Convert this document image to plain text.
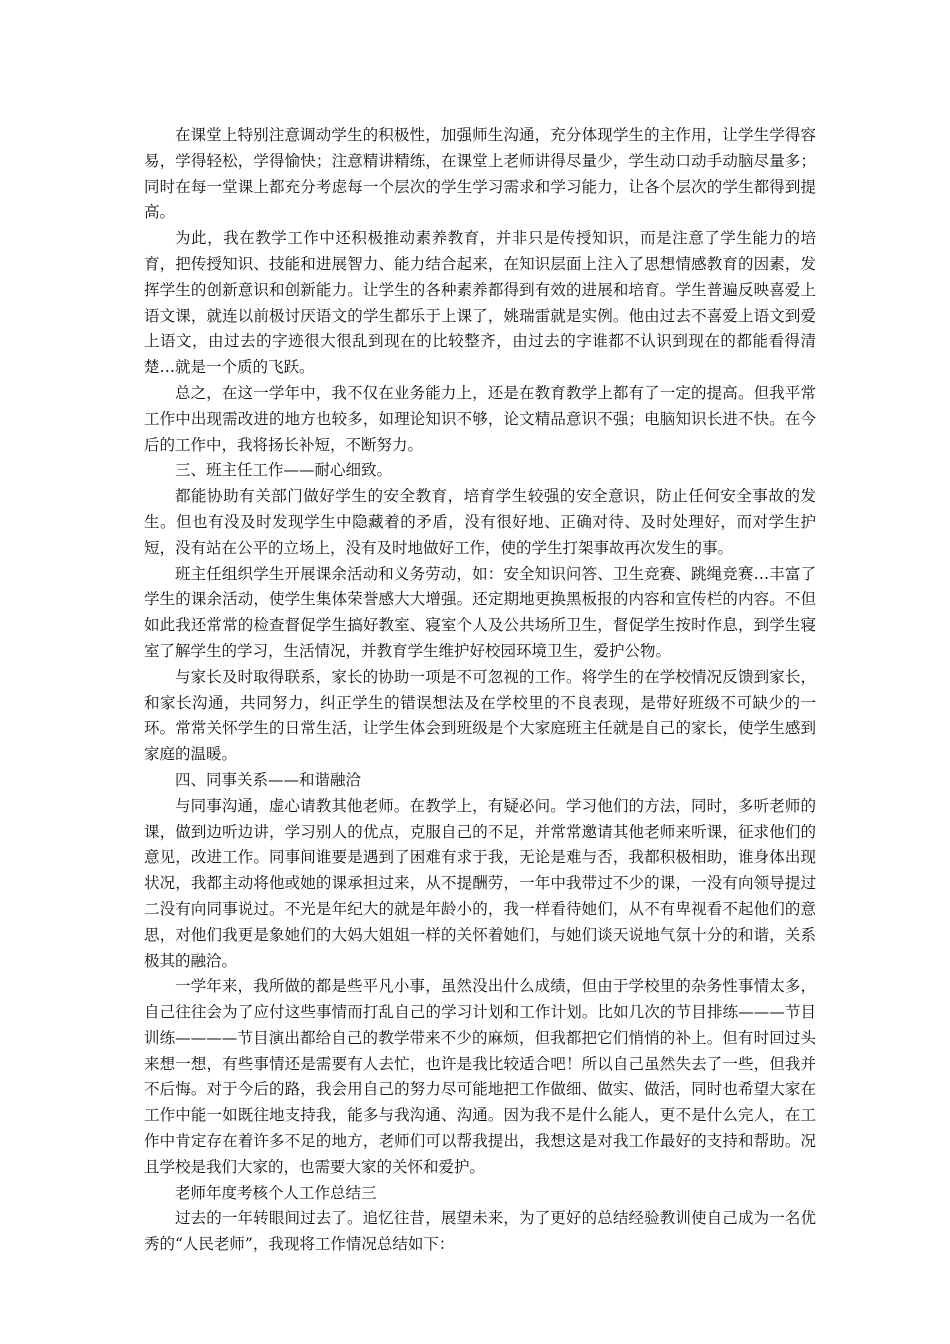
在课堂上特别注意调动学生的积极性，加强师生沟通，充分体现学生的主作用，让学生学得容易，学得轻松，学得愉快；注意精讲精练，在课堂上老师讲得尽量少，学生动口动手动脑尽量多；同时在每一堂课上都充分考虑每一个层次的学生学习需求和学习能力，让各个层次的学生都得到提高。

为此，我在教学工作中还积极推动素养教育，并非只是传授知识，而是注意了学生能力的培育，把传授知识、技能和进展智力、能力结合起来，在知识层面上注入了思想情感教育的因素，发挥学生的创新意识和创新能力。让学生的各种素养都得到有效的进展和培育。学生普遍反映喜爱上语文课，就连以前极讨厌语文的学生都乐于上课了，姚瑞雷就是实例。他由过去不喜爱上语文到爱上语文，由过去的字迹很大很乱到现在的比较整齐，由过去的字谁都不认识到现在的都能看得清楚…就是一个质的飞跃。

总之，在这一学年中，我不仅在业务能力上，还是在教育教学上都有了一定的提高。但我平常工作中出现需改进的地方也较多，如理论知识不够，论文精品意识不强；电脑知识长进不快。在今后的工作中，我将扬长补短，不断努力。

三、班主任工作——耐心细致。

都能协助有关部门做好学生的安全教育，培育学生较强的安全意识，防止任何安全事故的发生。但也有没及时发现学生中隐藏着的矛盾，没有很好地、正确对待、及时处理好，而对学生护短，没有站在公平的立场上，没有及时地做好工作，使的学生打架事故再次发生的事。

班主任组织学生开展课余活动和义务劳动，如：安全知识问答、卫生竞赛、跳绳竞赛…丰富了学生的课余活动，使学生集体荣誉感大大增强。还定期地更换黑板报的内容和宣传栏的内容。不但如此我还常常的检查督促学生搞好教室、寝室个人及公共场所卫生，督促学生按时作息，到学生寝室了解学生的学习，生活情况，并教育学生维护好校园环境卫生，爱护公物。

与家长及时取得联系，家长的协助一项是不可忽视的工作。将学生的在学校情况反馈到家长，和家长沟通，共同努力，纠正学生的错误想法及在学校里的不良表现，是带好班级不可缺少的一环。常常关怀学生的日常生活，让学生体会到班级是个大家庭班主任就是自己的家长，使学生感到家庭的温暖。

四、同事关系——和谐融洽

与同事沟通，虚心请教其他老师。在教学上，有疑必问。学习他们的方法，同时，多听老师的课，做到边听边讲，学习别人的优点，克服自己的不足，并常常邀请其他老师来听课，征求他们的意见，改进工作。同事间谁要是遇到了困难有求于我，无论是难与否，我都积极相助，谁身体出现状况，我都主动将他或她的课承担过来，从不提酬劳，一年中我带过不少的课，一没有向领导提过二没有向同事说过。不光是年纪大的就是年龄小的，我一样看待她们，从不有卑视看不起他们的意思，对他们我更是象她们的大妈大姐姐一样的关怀着她们，与她们谈天说地气氛十分的和谐，关系极其的融洽。

一学年来，我所做的都是些平凡小事，虽然没出什么成绩，但由于学校里的杂务性事情太多，自己往往会为了应付这些事情而打乱自己的学习计划和工作计划。比如几次的节目排练———节目训练————节目演出都给自己的教学带来不少的麻烦，但我都把它们悄悄的补上。但有时回过头来想一想，有些事情还是需要有人去忙，也许是我比较适合吧！所以自己虽然失去了一些，但我并不后悔。对于今后的路，我会用自己的努力尽可能地把工作做细、做实、做活，同时也希望大家在工作中能一如既往地支持我，能多与我沟通、沟通。因为我不是什么能人，更不是什么完人，在工作中肯定存在着许多不足的地方，老师们可以帮我提出，我想这是对我工作最好的支持和帮助。况且学校是我们大家的，也需要大家的关怀和爱护。

老师年度考核个人工作总结三

过去的一年转眼间过去了。追忆往昔，展望未来，为了更好的总结经验教训使自己成为一名优秀的“人民老师”，我现将工作情况总结如下：
